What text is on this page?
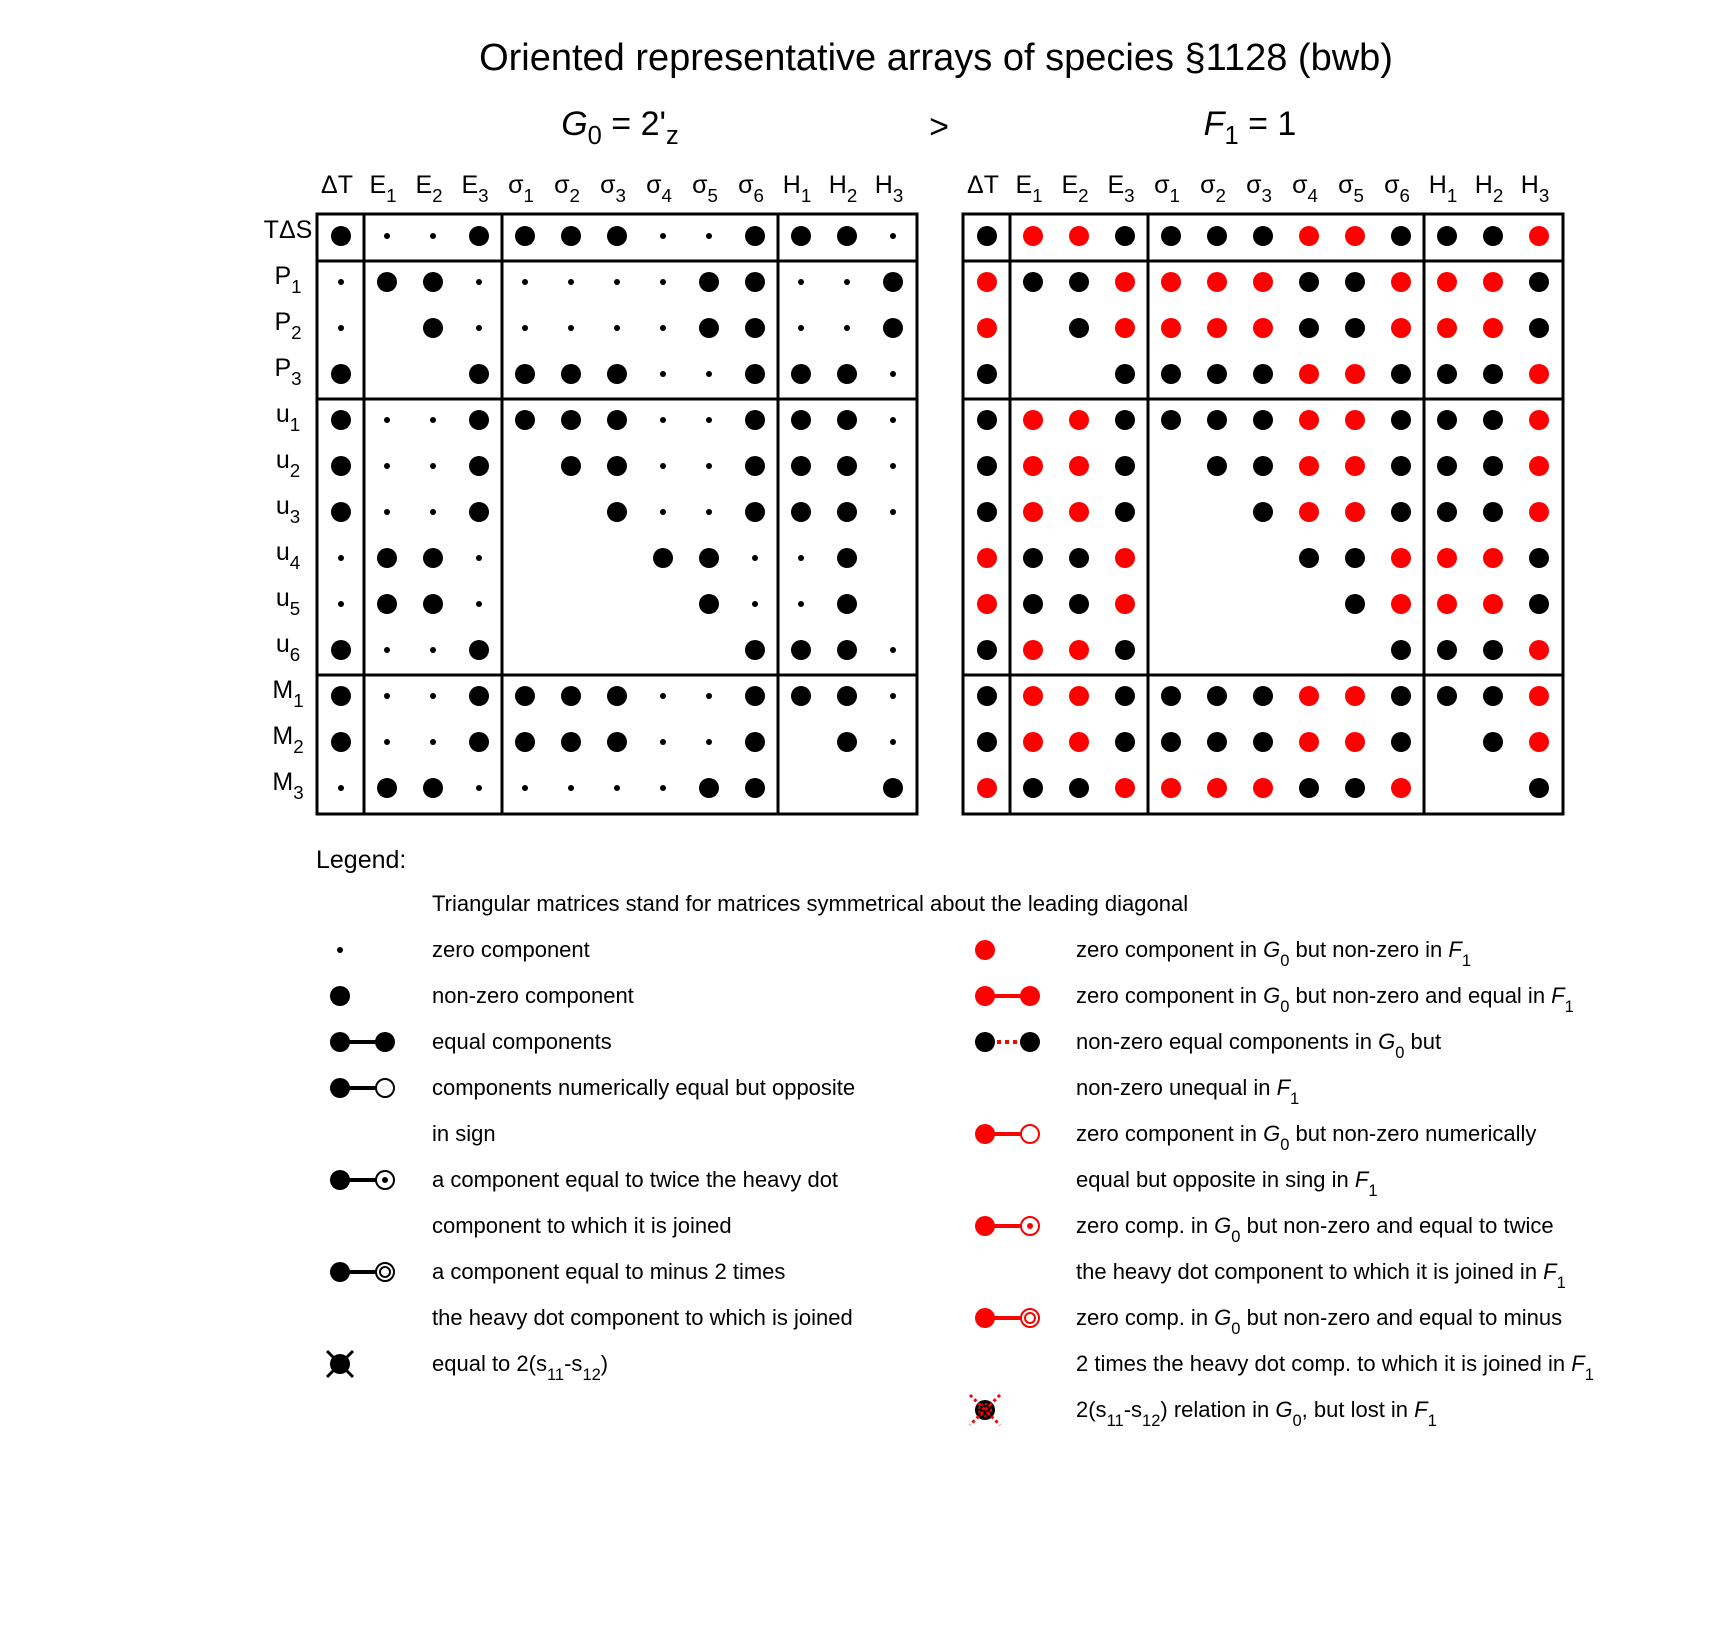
Oriented representative arrays of species §1128 (bwb)
$G_0 = 2'_z$	$F_1 = 1$
>
ΔT $E_1$ $E_2$ $E_3$ $\sigma_1$ $\sigma_2$ $\sigma_3$ $\sigma_4$ $\sigma_5$ $\sigma_6$ $H_1$ $H_2$ $H_3$
TΔS
$P_1$
$P_2$
$P_3$
$u_1$
$u_2$
$u_3$
$u_4$
$u_5$
$u_6$
$M_1$
$M_2$
$M_3$
ΔT $E_1$ $E_2$ $E_3$ $\sigma_1$ $\sigma_2$ $\sigma_3$ $\sigma_4$ $\sigma_5$ $\sigma_6$ $H_1$ $H_2$ $H_3$
Legend:
Triangular matrices stand for matrices symmetrical about the leading diagonal
zero component
non-zero component
equal components
components numerically equal but opposite
in sign
a component equal to twice the heavy dot
component to which it is joined
a component equal to minus 2 times
the heavy dot component to which is joined
equal to $2(s_{11}-s_{12})$
zero component in $G_0$ but non-zero in $F_1$
zero component in $G_0$ but non-zero and equal in $F_1$
non-zero equal components in $G_0$ but
non-zero unequal in $F_1$
zero component in $G_0$ but non-zero numerically
equal but opposite in sing in $F_1$
zero comp. in $G_0$ but non-zero and equal to twice
the heavy dot component to which it is joined in $F_1$
zero comp. in $G_0$ but non-zero and equal to minus
2 times the heavy dot comp. to which it is joined in $F_1$
$2(s_{11}-s_{12})$ relation in $G_0$, but lost in $F_1$
